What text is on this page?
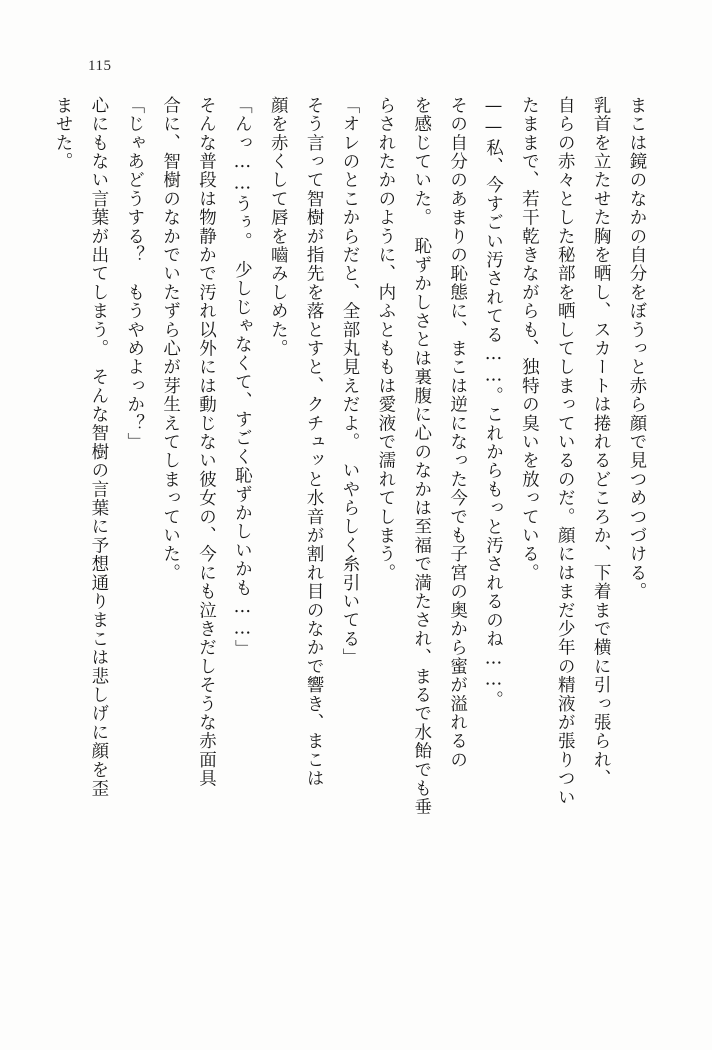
115

まこは鏡のなかの自分をぼうっと赤ら顔で見つめつづける。

乳首を立たせた胸を晒し、スカートは捲れるどころか、下着まで横に引っ張られ、

自らの赤々とした秘部を晒してしまっているのだ。顔にはまだ少年の精液が張りつい

たままで、若干乾きながらも、独特の臭いを放っている。

——私、今すごい汚されてる……。これからもっと汚されるのね……。

その自分のあまりの恥態に、まこは逆になった今でも子宮の奥から蜜が溢れるの

を感じていた。　恥ずかしさとは裏腹に心のなかは至福で満たされ、まるで水飴でも垂

らされたかのように、内ふとももは愛液で濡れてしまう。

「オレのとこからだと、全部丸見えだよ。　いやらしく糸引いてる」

そう言って智樹が指先を落とすと、クチュッと水音が割れ目のなかで響き、まこは

顔を赤くして唇を嚙みしめた。

「んっ……うぅ。　少しじゃなくて、すごく恥ずかしいかも……」

そんな普段は物静かで汚れ以外には動じない彼女の、今にも泣きだしそうな赤面具

合に、智樹のなかでいたずら心が芽生えてしまっていた。

「じゃあどうする？　もうやめよっか？」

心にもない言葉が出てしまう。　そんな智樹の言葉に予想通りまこは悲しげに顔を歪

ませた。
